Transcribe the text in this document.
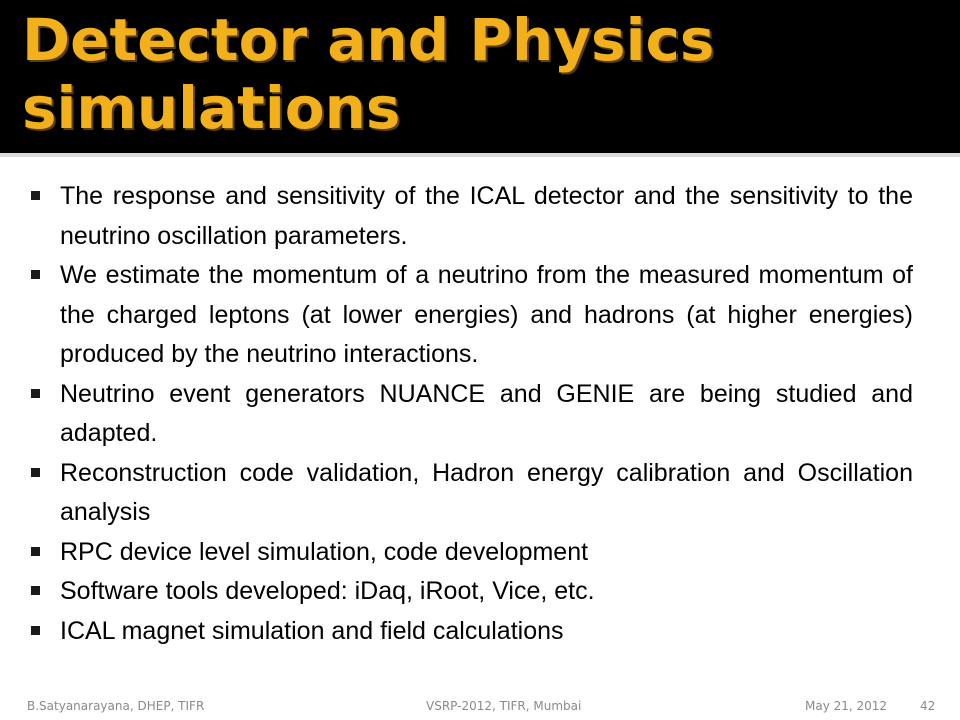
Detector and Physics simulations
The response and sensitivity of the ICAL detector and the sensitivity to the neutrino oscillation parameters.
We estimate the momentum of a neutrino from the measured momentum of the charged leptons (at lower energies) and hadrons (at higher energies) produced by the neutrino interactions.
Neutrino event generators NUANCE and GENIE are being studied and adapted.
Reconstruction code validation, Hadron energy calibration and Oscillation analysis
RPC device level simulation, code development
Software tools developed: iDaq, iRoot, Vice, etc.
ICAL magnet simulation and field calculations
B.Satyanarayana, DHEP, TIFR	VSRP-2012, TIFR, Mumbai	May 21, 2012	42
